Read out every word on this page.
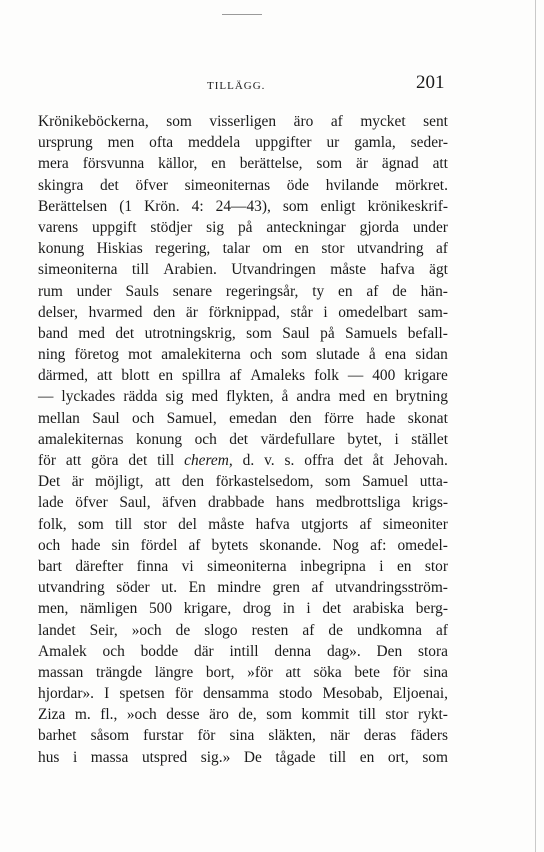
TILLÄGG.	201
Krönikeböckerna, som visserligen äro af mycket sent
ursprung men ofta meddela uppgifter ur gamla, seder-
mera försvunna källor, en berättelse, som är ägnad att
skingra det öfver simeoniternas öde hvilande mörkret.
Berättelsen (1 Krön. 4: 24—43), som enligt krönikeskrif-
varens uppgift stödjer sig på anteckningar gjorda under
konung Hiskias regering, talar om en stor utvandring af
simeoniterna till Arabien. Utvandringen måste hafva ägt
rum under Sauls senare regeringsår, ty en af de hän-
delser, hvarmed den är förknippad, står i omedelbart sam-
band med det utrotningskrig, som Saul på Samuels befall-
ning företog mot amalekiterna och som slutade å ena sidan
därmed, att blott en spillra af Amaleks folk — 400 krigare
— lyckades rädda sig med flykten, å andra med en brytning
mellan Saul och Samuel, emedan den förre hade skonat
amalekiternas konung och det värdefullare bytet, i stället
för att göra det till cherem, d. v. s. offra det åt Jehovah.
Det är möjligt, att den förkastelsedom, som Samuel utta-
lade öfver Saul, äfven drabbade hans medbrottsliga krigs-
folk, som till stor del måste hafva utgjorts af simeoniter
och hade sin fördel af bytets skonande. Nog af: omedel-
bart därefter finna vi simeoniterna inbegripna i en stor
utvandring söder ut. En mindre gren af utvandringsström-
men, nämligen 500 krigare, drog in i det arabiska berg-
landet Seir, »och de slogo resten af de undkomna af
Amalek och bodde där intill denna dag». Den stora
massan trängde längre bort, »för att söka bete för sina
hjordar». I spetsen för densamma stodo Mesobab, Eljoenai,
Ziza m. fl., »och desse äro de, som kommit till stor rykt-
barhet såsom furstar för sina släkten, när deras fäders
hus i massa utspred sig.» De tågade till en ort, som
